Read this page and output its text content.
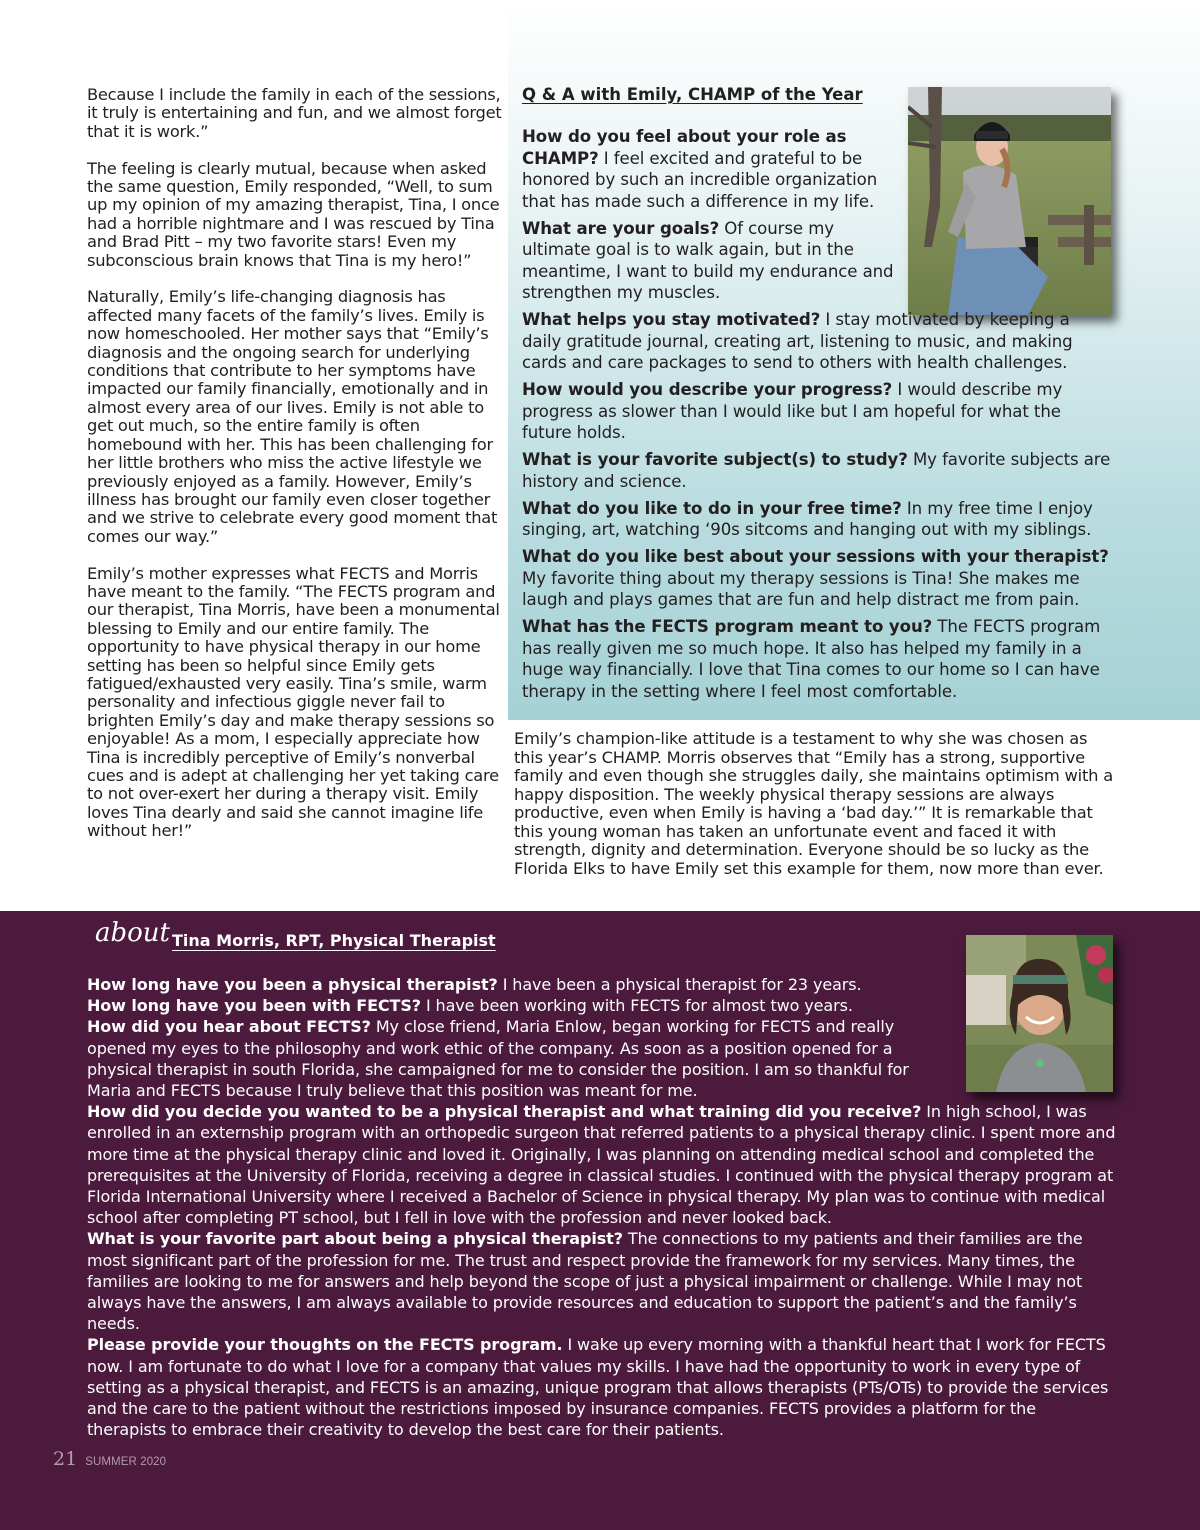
Because I include the family in each of the sessions, it truly is entertaining and fun, and we almost forget that it is work.”

The feeling is clearly mutual, because when asked the same question, Emily responded, “Well, to sum up my opinion of my amazing therapist, Tina, I once had a horrible nightmare and I was rescued by Tina and Brad Pitt – my two favorite stars! Even my subconscious brain knows that Tina is my hero!”

Naturally, Emily’s life-changing diagnosis has affected many facets of the family’s lives. Emily is now homeschooled. Her mother says that “Emily’s diagnosis and the ongoing search for underlying conditions that contribute to her symptoms have impacted our family financially, emotionally and in almost every area of our lives. Emily is not able to get out much, so the entire family is often homebound with her. This has been challenging for her little brothers who miss the active lifestyle we previously enjoyed as a family. However, Emily’s illness has brought our family even closer together and we strive to celebrate every good moment that comes our way.”

Emily’s mother expresses what FECTS and Morris have meant to the family. “The FECTS program and our therapist, Tina Morris, have been a monumental blessing to Emily and our entire family. The opportunity to have physical therapy in our home setting has been so helpful since Emily gets fatigued/exhausted very easily. Tina’s smile, warm personality and infectious giggle never fail to brighten Emily’s day and make therapy sessions so enjoyable! As a mom, I especially appreciate how Tina is incredibly perceptive of Emily’s nonverbal cues and is adept at challenging her yet taking care to not over-exert her during a therapy visit. Emily loves Tina dearly and said she cannot imagine life without her!”

Q & A with Emily, CHAMP of the Year

How do you feel about your role as CHAMP? I feel excited and grateful to be honored by such an incredible organization that has made such a difference in my life.

What are your goals? Of course my ultimate goal is to walk again, but in the meantime, I want to build my endurance and strengthen my muscles.

What helps you stay motivated? I stay motivated by keeping a daily gratitude journal, creating art, listening to music, and making cards and care packages to send to others with health challenges.

How would you describe your progress? I would describe my progress as slower than I would like but I am hopeful for what the future holds.

What is your favorite subject(s) to study? My favorite subjects are history and science.

What do you like to do in your free time? In my free time I enjoy singing, art, watching ‘90s sitcoms and hanging out with my siblings.

What do you like best about your sessions with your therapist? My favorite thing about my therapy sessions is Tina! She makes me laugh and plays games that are fun and help distract me from pain.

What has the FECTS program meant to you? The FECTS program has really given me so much hope. It also has helped my family in a huge way financially. I love that Tina comes to our home so I can have therapy in the setting where I feel most comfortable.

Emily’s champion-like attitude is a testament to why she was chosen as this year’s CHAMP. Morris observes that “Emily has a strong, supportive family and even though she struggles daily, she maintains optimism with a happy disposition. The weekly physical therapy sessions are always productive, even when Emily is having a ‘bad day.’” It is remarkable that this young woman has taken an unfortunate event and faced it with strength, dignity and determination. Everyone should be so lucky as the Florida Elks to have Emily set this example for them, now more than ever.

about Tina Morris, RPT, Physical Therapist

How long have you been a physical therapist? I have been a physical therapist for 23 years.

How long have you been with FECTS? I have been working with FECTS for almost two years.

How did you hear about FECTS? My close friend, Maria Enlow, began working for FECTS and really opened my eyes to the philosophy and work ethic of the company. As soon as a position opened for a physical therapist in south Florida, she campaigned for me to consider the position. I am so thankful for Maria and FECTS because I truly believe that this position was meant for me.

How did you decide you wanted to be a physical therapist and what training did you receive? In high school, I was enrolled in an externship program with an orthopedic surgeon that referred patients to a physical therapy clinic. I spent more and more time at the physical therapy clinic and loved it. Originally, I was planning on attending medical school and completed the prerequisites at the University of Florida, receiving a degree in classical studies. I continued with the physical therapy program at Florida International University where I received a Bachelor of Science in physical therapy. My plan was to continue with medical school after completing PT school, but I fell in love with the profession and never looked back.

What is your favorite part about being a physical therapist? The connections to my patients and their families are the most significant part of the profession for me. The trust and respect provide the framework for my services. Many times, the families are looking to me for answers and help beyond the scope of just a physical impairment or challenge. While I may not always have the answers, I am always available to provide resources and education to support the patient’s and the family’s needs.

Please provide your thoughts on the FECTS program. I wake up every morning with a thankful heart that I work for FECTS now. I am fortunate to do what I love for a company that values my skills. I have had the opportunity to work in every type of setting as a physical therapist, and FECTS is an amazing, unique program that allows therapists (PTs/OTs) to provide the services and the care to the patient without the restrictions imposed by insurance companies. FECTS provides a platform for the therapists to embrace their creativity to develop the best care for their patients.

21 SUMMER 2020
